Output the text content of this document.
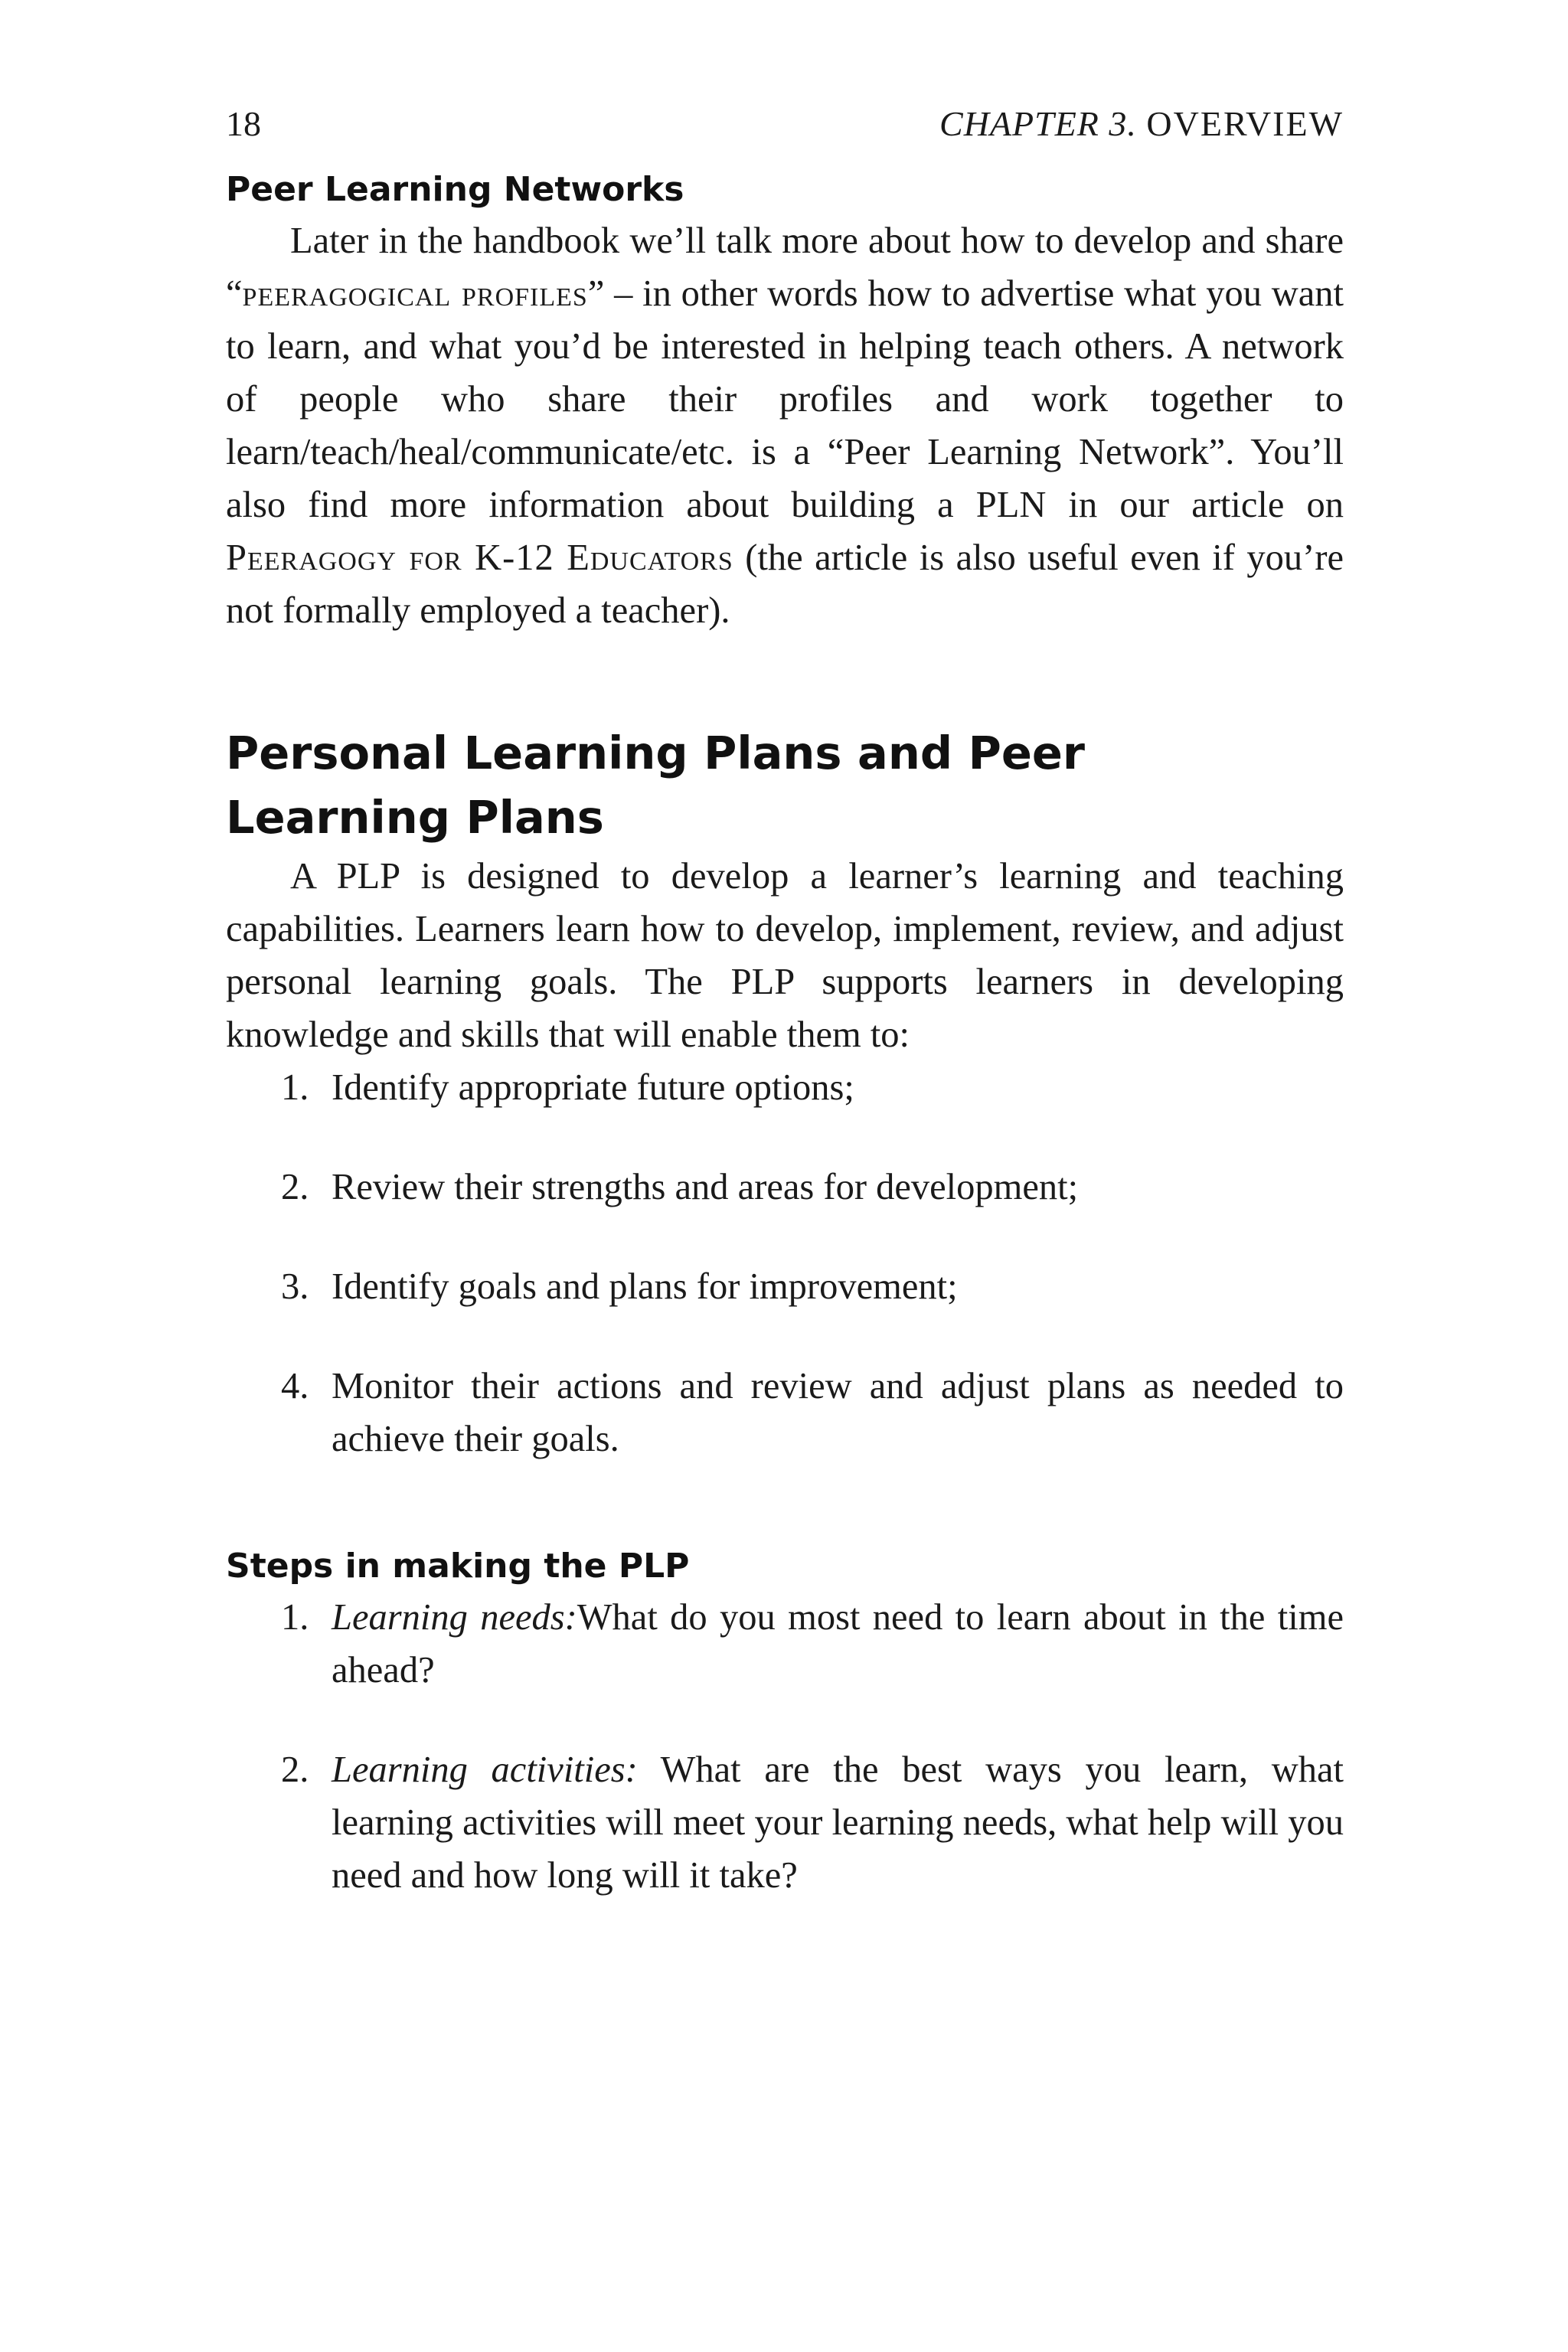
18	CHAPTER 3. OVERVIEW
Peer Learning Networks

Later in the handbook we’ll talk more about how to develop and share “peeragogical profiles” – in other words how to advertise what you want to learn, and what you’d be interested in helping teach others. A network of people who share their profiles and work together to learn/teach/heal/communicate/etc. is a “Peer Learning Network”. You’ll also find more information about building a PLN in our article on Peeragogy for K-12 Educators (the article is also useful even if you’re not formally employed a teacher).

Personal Learning Plans and Peer Learning Plans

A PLP is designed to develop a learner’s learning and teaching capabilities. Learners learn how to develop, implement, review, and adjust personal learning goals. The PLP supports learners in developing knowledge and skills that will enable them to:

1. Identify appropriate future options;
2. Review their strengths and areas for development;
3. Identify goals and plans for improvement;
4. Monitor their actions and review and adjust plans as needed to achieve their goals.
Steps in making the PLP
1. Learning needs:What do you most need to learn about in the time ahead?
2. Learning activities: What are the best ways you learn, what learning activities will meet your learning needs, what help will you need and how long will it take?
